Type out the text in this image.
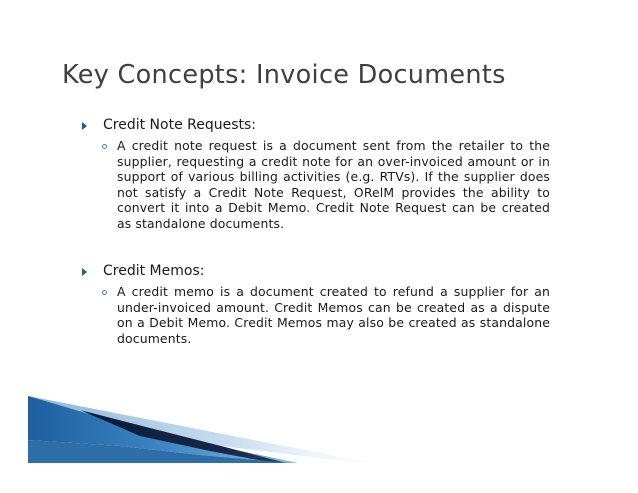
Key Concepts: Invoice Documents
Credit Note Requests:

A credit note request is a document sent from the retailer to the supplier, requesting a credit note for an over-invoiced amount or in support of various billing activities (e.g. RTVs). If the supplier does not satisfy a Credit Note Request, ORelM provides the ability to convert it into a Debit Memo. Credit Note Request can be created as standalone documents.

Credit Memos:

A credit memo is a document created to refund a supplier for an under-invoiced amount. Credit Memos can be created as a dispute on a Debit Memo. Credit Memos may also be created as standalone documents.
